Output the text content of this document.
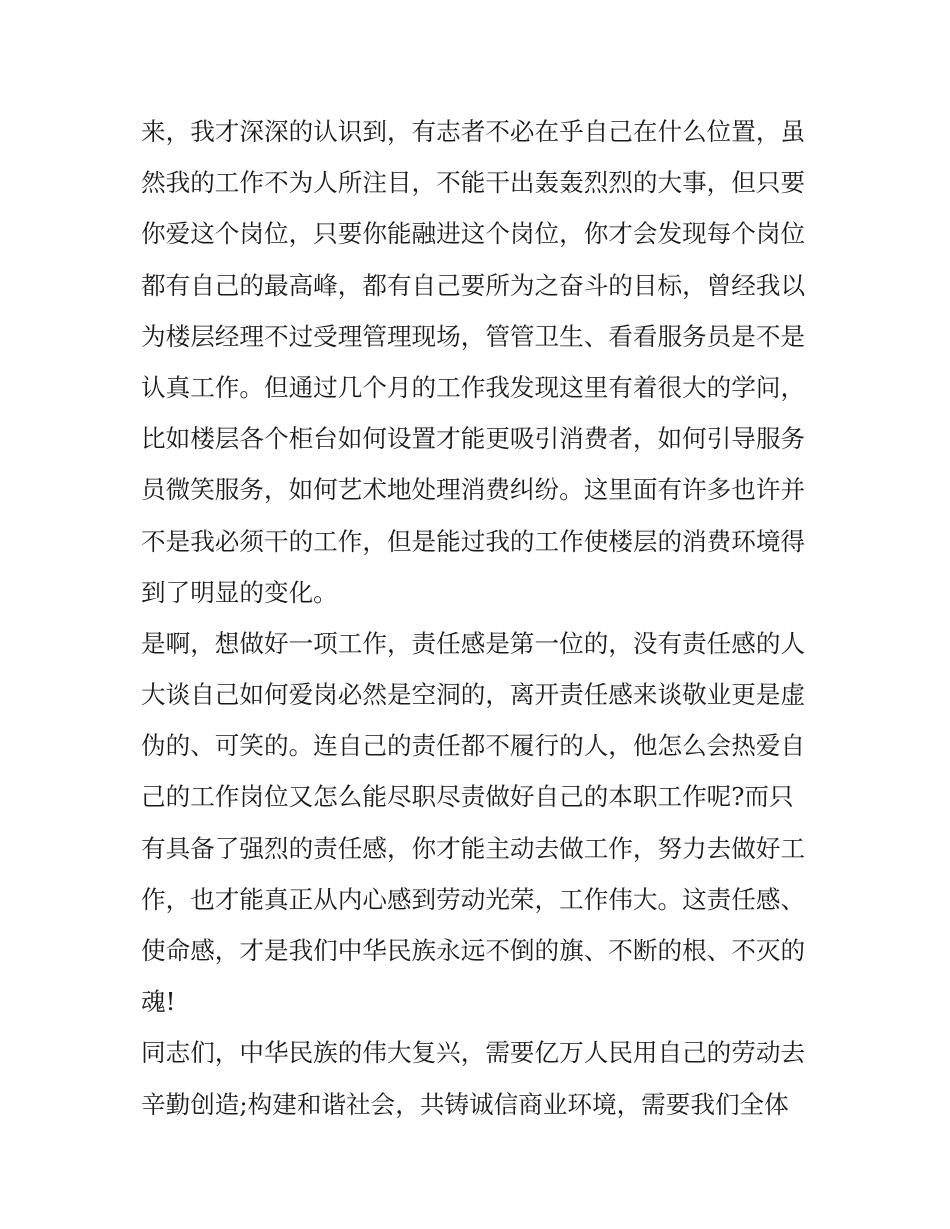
来，我才深深的认识到，有志者不必在乎自己在什么位置，虽
然我的工作不为人所注目，不能干出轰轰烈烈的大事，但只要
你爱这个岗位，只要你能融进这个岗位，你才会发现每个岗位
都有自己的最高峰，都有自己要所为之奋斗的目标，曾经我以
为楼层经理不过受理管理现场，管管卫生、看看服务员是不是
认真工作。但通过几个月的工作我发现这里有着很大的学问，
比如楼层各个柜台如何设置才能更吸引消费者，如何引导服务
员微笑服务，如何艺术地处理消费纠纷。这里面有许多也许并
不是我必须干的工作，但是能过我的工作使楼层的消费环境得
到了明显的变化。
是啊，想做好一项工作，责任感是第一位的，没有责任感的人
大谈自己如何爱岗必然是空洞的，离开责任感来谈敬业更是虚
伪的、可笑的。连自己的责任都不履行的人，他怎么会热爱自
己的工作岗位又怎么能尽职尽责做好自己的本职工作呢?而只
有具备了强烈的责任感，你才能主动去做工作，努力去做好工
作，也才能真正从内心感到劳动光荣，工作伟大。这责任感、
使命感，才是我们中华民族永远不倒的旗、不断的根、不灭的
魂!
同志们，中华民族的伟大复兴，需要亿万人民用自己的劳动去
辛勤创造;构建和谐社会，共铸诚信商业环境，需要我们全体
